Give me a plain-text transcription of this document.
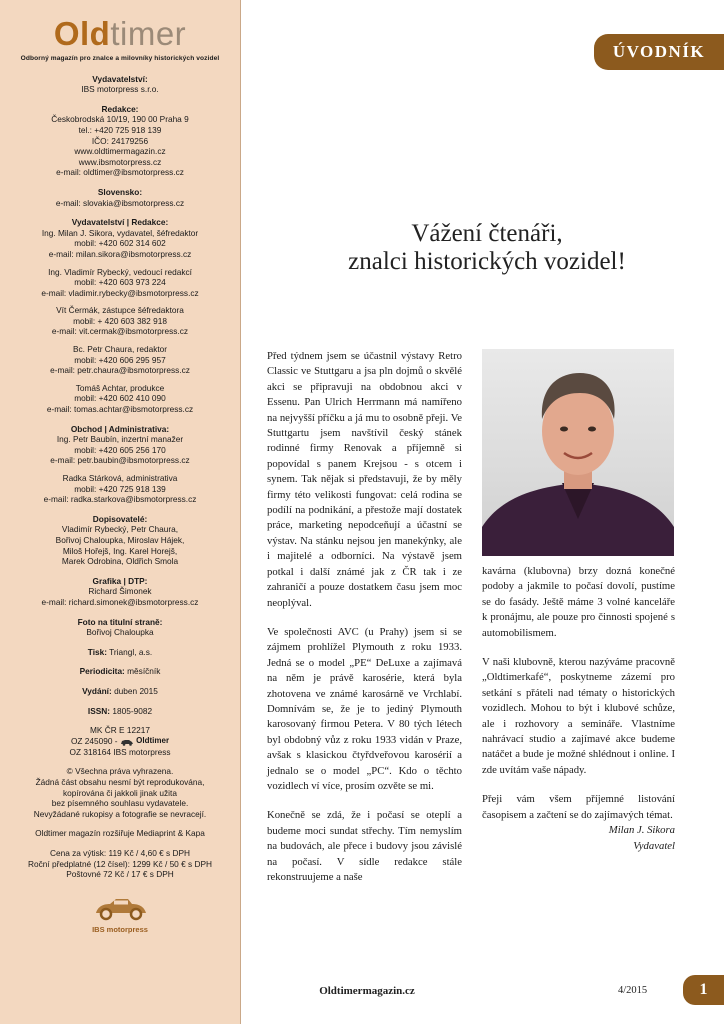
Oldtimer
Odborný magazín pro znalce a milovníky historických vozidel
Vydavatelství:
IBS motorpress s.r.o.
Redakce:
Českobrodská 10/19, 190 00 Praha 9
tel.: +420 725 918 139
IČO: 24179256
www.oldtimermagazin.cz
www.ibsmotorpress.cz
e-mail: oldtimer@ibsmotorpress.cz
Slovensko:
e-mail: slovakia@ibsmotorpress.cz
Vydavatelství | Redakce:
Ing. Milan J. Sikora, vydavatel, šéfredaktor
mobil: +420 602 314 602
e-mail: milan.sikora@ibsmotorpress.cz
Ing. Vladimír Rybecký, vedoucí redakcí
mobil: +420 603 973 224
e-mail: vladimir.rybecky@ibsmotorpress.cz
Vít Čermák, zástupce šéfredaktora
mobil: + 420 603 382 918
e-mail: vit.cermak@ibsmotorpress.cz
Bc. Petr Chaura, redaktor
mobil: +420 606 295 957
e-mail: petr.chaura@ibsmotorpress.cz
Tomáš Achtar, produkce
mobil: +420 602 410 090
e-mail: tomas.achtar@ibsmotorpress.cz
Obchod | Administrativa:
Ing. Petr Baubín, inzertní manažer
mobil: +420 605 256 170
e-mail: petr.baubin@ibsmotorpress.cz
Radka Stárková, administrativa
mobil: +420 725 918 139
e-mail: radka.starkova@ibsmotorpress.cz
Dopisovatelé:
Vladimír Rybecký, Petr Chaura,
Bořivoj Chaloupka, Miroslav Hájek,
Miloš Hořejš, Ing. Karel Horejš,
Marek Odrobina, Oldřich Smola
Grafika | DTP:
Richard Šimonek
e-mail: richard.simonek@ibsmotorpress.cz
Foto na titulní straně:
Bořivoj Chaloupka
Tisk: Triangl, a.s.
Periodicita: měsíčník
Vydání: duben 2015
ISSN: 1805-9082
MK ČR E 12217
OZ 245090 - Oldtimer
OZ 318164 IBS motorpress
© Všechna práva vyhrazena.
Žádná část obsahu nesmí být reprodukována,
kopírována či jakkoli jinak užita
bez písemného souhlasu vydavatele.
Nevyžádané rukopisy a fotografie se nevracejí.
Oldtimer magazín rozšiřuje Mediaprint & Kapa
Cena za výtisk: 119 Kč / 4,60 € s DPH
Roční předplatné (12 čísel): 1299 Kč / 50 € s DPH
Poštovné 72 Kč / 17 € s DPH
IBS motorpress
ÚVODNÍK
Vážení čtenáři,
znalci historických vozidel!

Před týdnem jsem se účastnil výstavy Retro Classic ve Stuttgaru a jsa pln dojmů o skvělé akci se připravuji na obdobnou akci v Essenu. Pan Ulrich Herrmann má namířeno na nejvyšší příčku a já mu to osobně přeji. Ve Stuttgartu jsem navštívil český stánek rodinné firmy Renovak a příjemně si popovídal s panem Krejsou - s otcem i synem. Tak nějak si představuji, že by měly firmy této velikosti fungovat: celá rodina se podílí na podnikání, a přestože mají dostatek práce, marketing nepodceňují a účastní se výstav. Na stánku nejsou jen manekýnky, ale i majitelé a odborníci. Na výstavě jsem potkal i další známé jak z ČR tak i ze zahraničí a pouze dostatkem času jsem moc neoplýval.

Ve společnosti AVC (u Prahy) jsem si se zájmem prohlížel Plymouth z roku 1933. Jedná se o model „PE“ DeLuxe a zajímavá na něm je právě karosérie, která byla zhotovena ve známé karosárně ve Vrchlabí. Domnívám se, že je to jediný Plymouth karosovaný firmou Petera. V 80 tých létech byl obdobný vůz z roku 1933 vidán v Praze, avšak s klasickou čtyřdveřovou karosérií a jednalo se o model „PC“. Kdo o těchto vozidlech ví více, prosím ozvěte se mi.

Konečně se zdá, že i počasí se oteplí a budeme moci sundat střechy. Tím nemyslím na budovách, ale přece i budovy jsou závislé na počasí. V sídle redakce stále rekonstruujeme a naše

kavárna (klubovna) brzy dozná konečné podoby a jakmile to počasí dovolí, pustíme se do fasády. Ještě máme 3 volné kanceláře k pronájmu, ale pouze pro činnosti spojené s automobilismem.

V naši klubovně, kterou nazýváme pracovně „Oldtimerkafé“, poskytneme zázemí pro setkání s přáteli nad tématy o historických vozidlech. Mohou to být i klubové schůze, ale i rozhovory a semináře. Vlastníme nahrávací studio a zajímavé akce budeme natáčet a bude je možné shlédnout i online. I zde uvítám vaše nápady.

Přeji vám všem příjemné listování časopisem a začtení se do zajímavých témat.

Milan J. Sikora
Vydavatel
Oldtimermagazin.cz	4/2015	1
